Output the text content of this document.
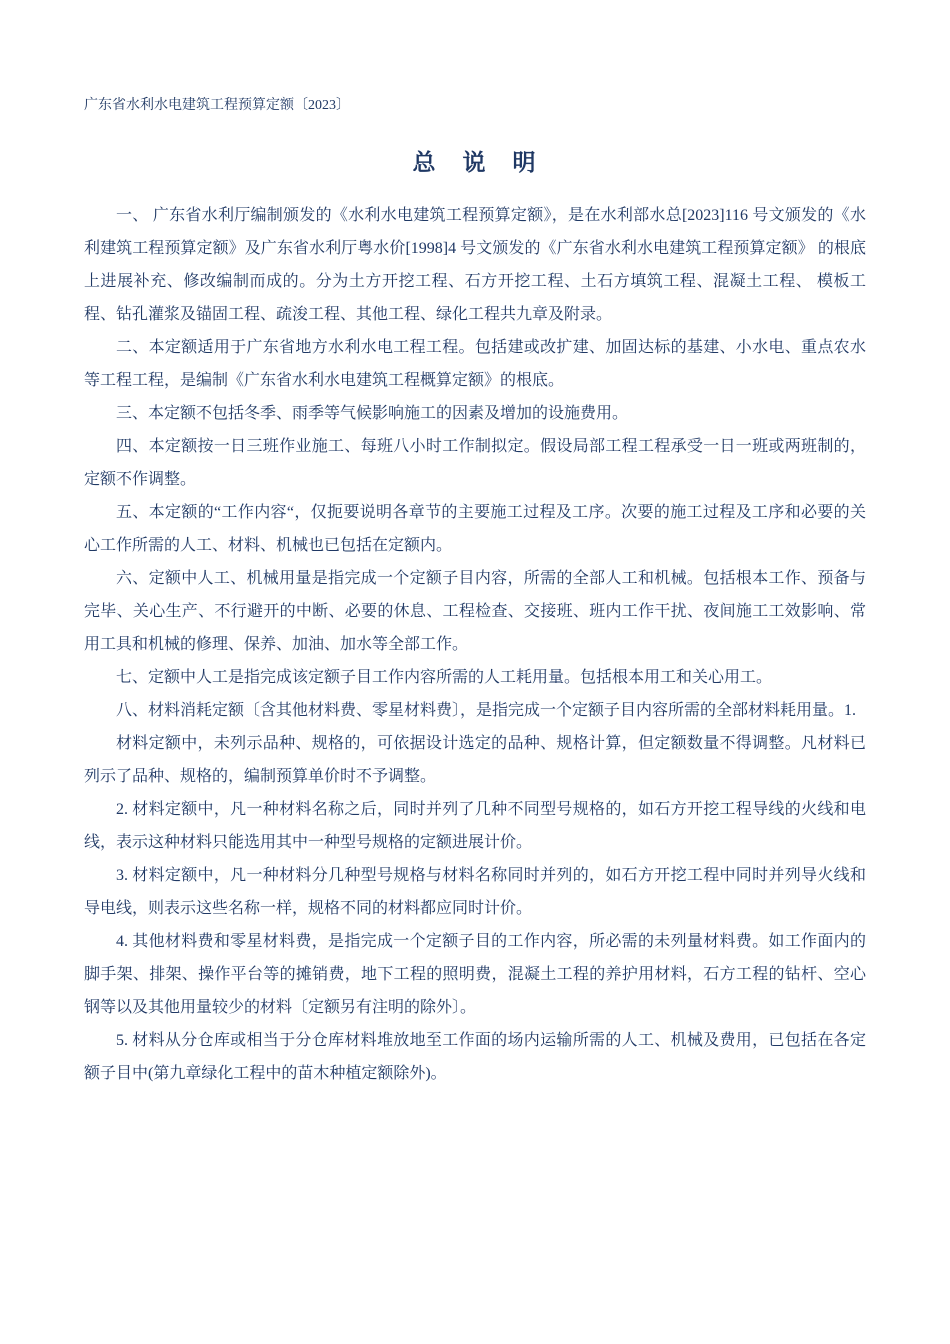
广东省水利水电建筑工程预算定额〔2023〕
总　说　明

一、 广东省水利厅编制颁发的《水利水电建筑工程预算定额》，是在水利部水总[2023]116 号文颁发的《水利建筑工程预算定额》及广东省水利厅粤水价[1998]4 号文颁发的《广东省水利水电建筑工程预算定额》 的根底上进展补充、修改编制而成的。分为土方开挖工程、石方开挖工程、土石方填筑工程、混凝土工程、 模板工程、钻孔灌浆及锚固工程、疏浚工程、其他工程、绿化工程共九章及附录。

二、本定额适用于广东省地方水利水电工程工程。包括建或改扩建、加固达标的基建、小水电、重点农水等工程工程，是编制《广东省水利水电建筑工程概算定额》的根底。

三、本定额不包括冬季、雨季等气候影响施工的因素及增加的设施费用。

四、本定额按一日三班作业施工、每班八小时工作制拟定。假设局部工程工程承受一日一班或两班制的，定额不作调整。

五、本定额的“工作内容“，仅扼要说明各章节的主要施工过程及工序。次要的施工过程及工序和必要的关心工作所需的人工、材料、机械也已包括在定额内。

六、定额中人工、机械用量是指完成一个定额子目内容，所需的全部人工和机械。包括根本工作、预备与完毕、关心生产、不行避开的中断、必要的休息、工程检查、交接班、班内工作干扰、夜间施工工效影响、常用工具和机械的修理、保养、加油、加水等全部工作。

七、定额中人工是指完成该定额子目工作内容所需的人工耗用量。包括根本用工和关心用工。

八、材料消耗定额〔含其他材料费、零星材料费〕，是指完成一个定额子目内容所需的全部材料耗用量。1.

材料定额中，未列示品种、规格的，可依据设计选定的品种、规格计算，但定额数量不得调整。凡材料已列示了品种、规格的，编制预算单价时不予调整。

2. 材料定额中，凡一种材料名称之后，同时并列了几种不同型号规格的，如石方开挖工程导线的火线和电线，表示这种材料只能选用其中一种型号规格的定额进展计价。

3. 材料定额中，凡一种材料分几种型号规格与材料名称同时并列的，如石方开挖工程中同时并列导火线和导电线，则表示这些名称一样，规格不同的材料都应同时计价。

4. 其他材料费和零星材料费，是指完成一个定额子目的工作内容，所必需的未列量材料费。如工作面内的脚手架、排架、操作平台等的摊销费，地下工程的照明费，混凝土工程的养护用材料，石方工程的钻杆、空心钢等以及其他用量较少的材料〔定额另有注明的除外〕。

5. 材料从分仓库或相当于分仓库材料堆放地至工作面的场内运输所需的人工、机械及费用，已包括在各定额子目中(第九章绿化工程中的苗木种植定额除外)。
